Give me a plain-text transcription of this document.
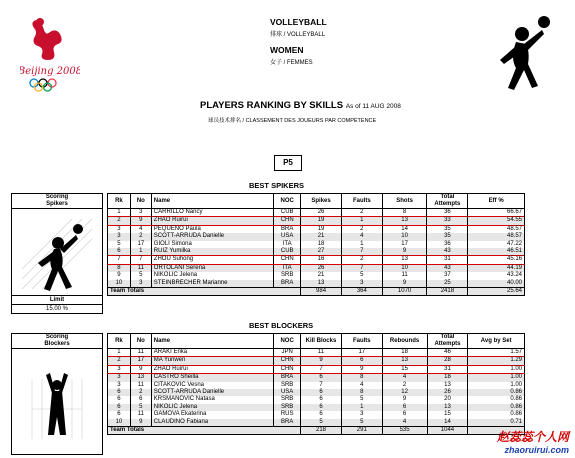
Beijing 2008
VOLLEYBALL
排球 / VOLLEYBALL
WOMEN
女子 / FEMMES
PLAYERS RANKING BY SKILLS As of 11 AUG 2008
球员技术排名 / CLASSEMENT DES JOUEURS PAR COMPÉTENCE
P5
BEST SPIKERS
Scoring
Spikers
Limit
15.00 %
Rk	No	Name	NOC	Spikes	Faults	Shots	Total Attempts	Eff %
1	3	CARRILLO Nancy	CUB	26	2	8	36	66.67
2	9	ZHAO Ruirui	CHN	19	1	13	33	54.55
3	4	PEQUENO Paula	BRA	19	2	14	35	48.57
3	2	SCOTT-ARRUDA Danielle	USA	21	4	10	35	48.57
5	17	GIOLI Simona	ITA	18	1	17	36	47.22
6	1	RUIZ Yumilka	CUB	27	7	9	43	46.51
7	7	ZHOU Suhong	CHN	16	2	13	31	45.16
8	11	ORTOLANI Serena	ITA	26	7	10	43	44.19
9	5	NIKOLIC Jelena	SRB	21	5	11	37	43.24
10	3	STEINBRECHER Marianne	BRA	13	3	9	25	40.00
Team Totals				984	364	1070	2418	25.64
BEST BLOCKERS
Scoring
Blockers
Rk	No	Name	NOC	Kill Blocks	Faults	Rebounds	Total Attempts	Avg by Set
1	11	ARAKI Erika	JPN	11	17	18	46	1.57
2	17	MA Yunwen	CHN	9	6	13	28	1.29
3	9	ZHAO Ruirui	CHN	7	9	15	31	1.00
3	13	CASTRO Sheilla	BRA	6	8	4	18	1.00
3	11	CITAKOVIC Vesna	SRB	7	4	2	13	1.00
6	2	SCOTT-ARRUDA Danielle	USA	6	8	12	26	0.86
6	6	KRSMANOVIC Natasa	SRB	6	5	9	20	0.86
6	5	NIKOLIC Jelena	SRB	6	1	6	13	0.86
6	11	GAMOVA Ekaterina	RUS	6	3	6	15	0.86
10	9	CLAUDINO Fabiana	BRA	5	5	4	14	0.71
Team Totals				218	291	535	1044		赵蕊蕊个人网
zhaoruirui.com
